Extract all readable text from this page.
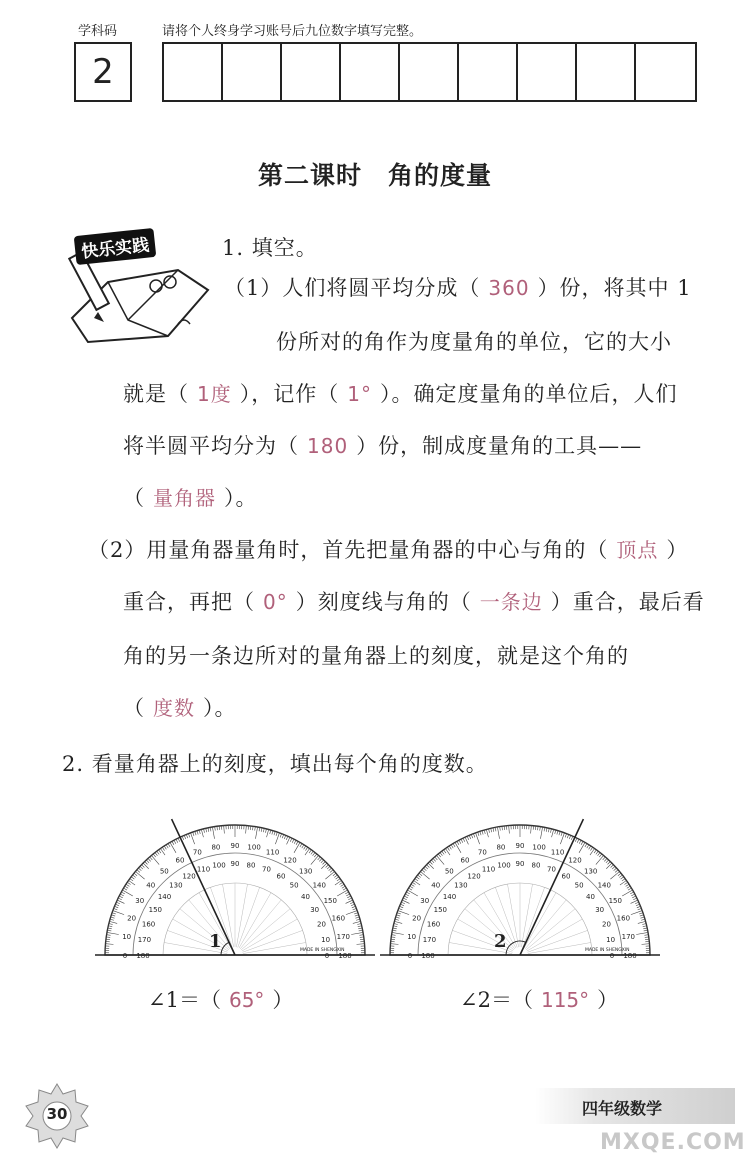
学科码	请将个人终身学习账号后九位数字填写完整。
2
第二课时　角的度量
快乐实践	1. 填空。
（1）人们将圆平均分成（ 360 ）份，将其中 1
份所对的角作为度量角的单位，它的大小
就是（ 1度 ），记作（ 1° ）。确定度量角的单位后，人们
将半圆平均分为（ 180 ）份，制成度量角的工具——
（ 量角器 ）。
（2）用量角器量角时，首先把量角器的中心与角的（ 顶点 ）
重合，再把（ 0° ）刻度线与角的（ 一条边 ）重合，最后看
角的另一条边所对的量角器上的刻度，就是这个角的
（ 度数 ）。
2. 看量角器上的刻度，填出每个角的度数。
180
0
170
10
160
20
150
30
140
40
130
50
120
60
110
70
100
80
90
90
80
100
70
110
60
120
50
130
40
140
30
150
20
160
10 170
0 180
1	MADE IN SHENGXIN
180
0
170
10
160
20
150
30
140
40
130
50
120
60
110
70
100
80
90
90
80
100
70
110
60
120
50
130
40
140
30
150
20
160
10 170
0 180
2	MADE IN SHENGXIN
∠1＝（ 65° ）	∠2＝（ 115° ）
30	四年级数学
MXQE.COM
